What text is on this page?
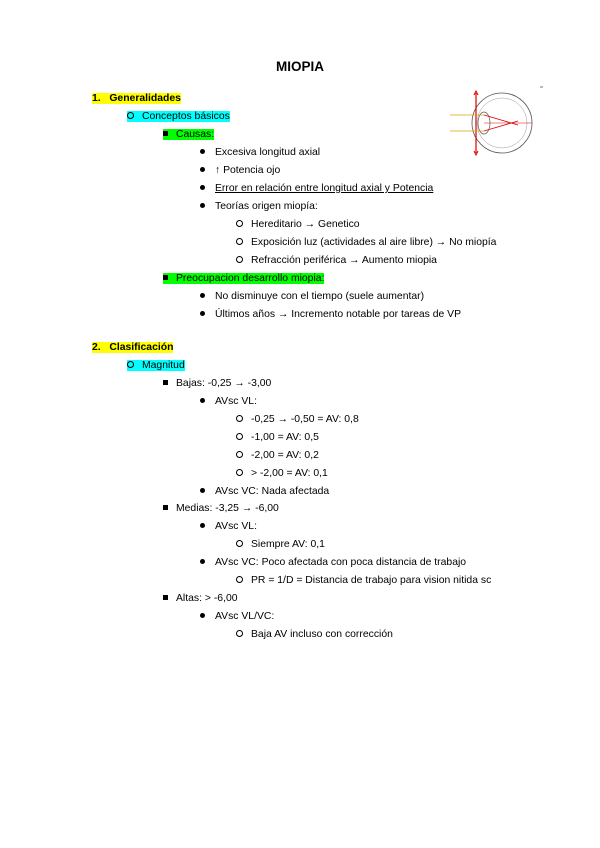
MIOPIA
1. Generalidades
Conceptos básicos
Causas:
Excesiva longitud axial
↑ Potencia ojo
Error en relación entre longitud axial y Potencia
Teorías origen miopía:
Hereditario → Genetico
Exposición luz (actividades al aire libre) → No miopía
Refracción periférica → Aumento miopia
Preocupacion desarrollo miopia:
No disminuye con el tiempo (suele aumentar)
Últimos años → Incremento notable por tareas de VP
2. Clasificación
Magnitud
Bajas: -0,25 → -3,00
AVsc VL:
-0,25 → -0,50 = AV: 0,8
-1,00 = AV: 0,5
-2,00 = AV: 0,2
> -2,00 = AV: 0,1
AVsc VC: Nada afectada
Medias: -3,25 → -6,00
AVsc VL:
Siempre AV: 0,1
AVsc VC: Poco afectada con poca distancia de trabajo
PR = 1/D = Distancia de trabajo para vision nitida sc
Altas: > -6,00
AVsc VL/VC:
Baja AV incluso con corrección
